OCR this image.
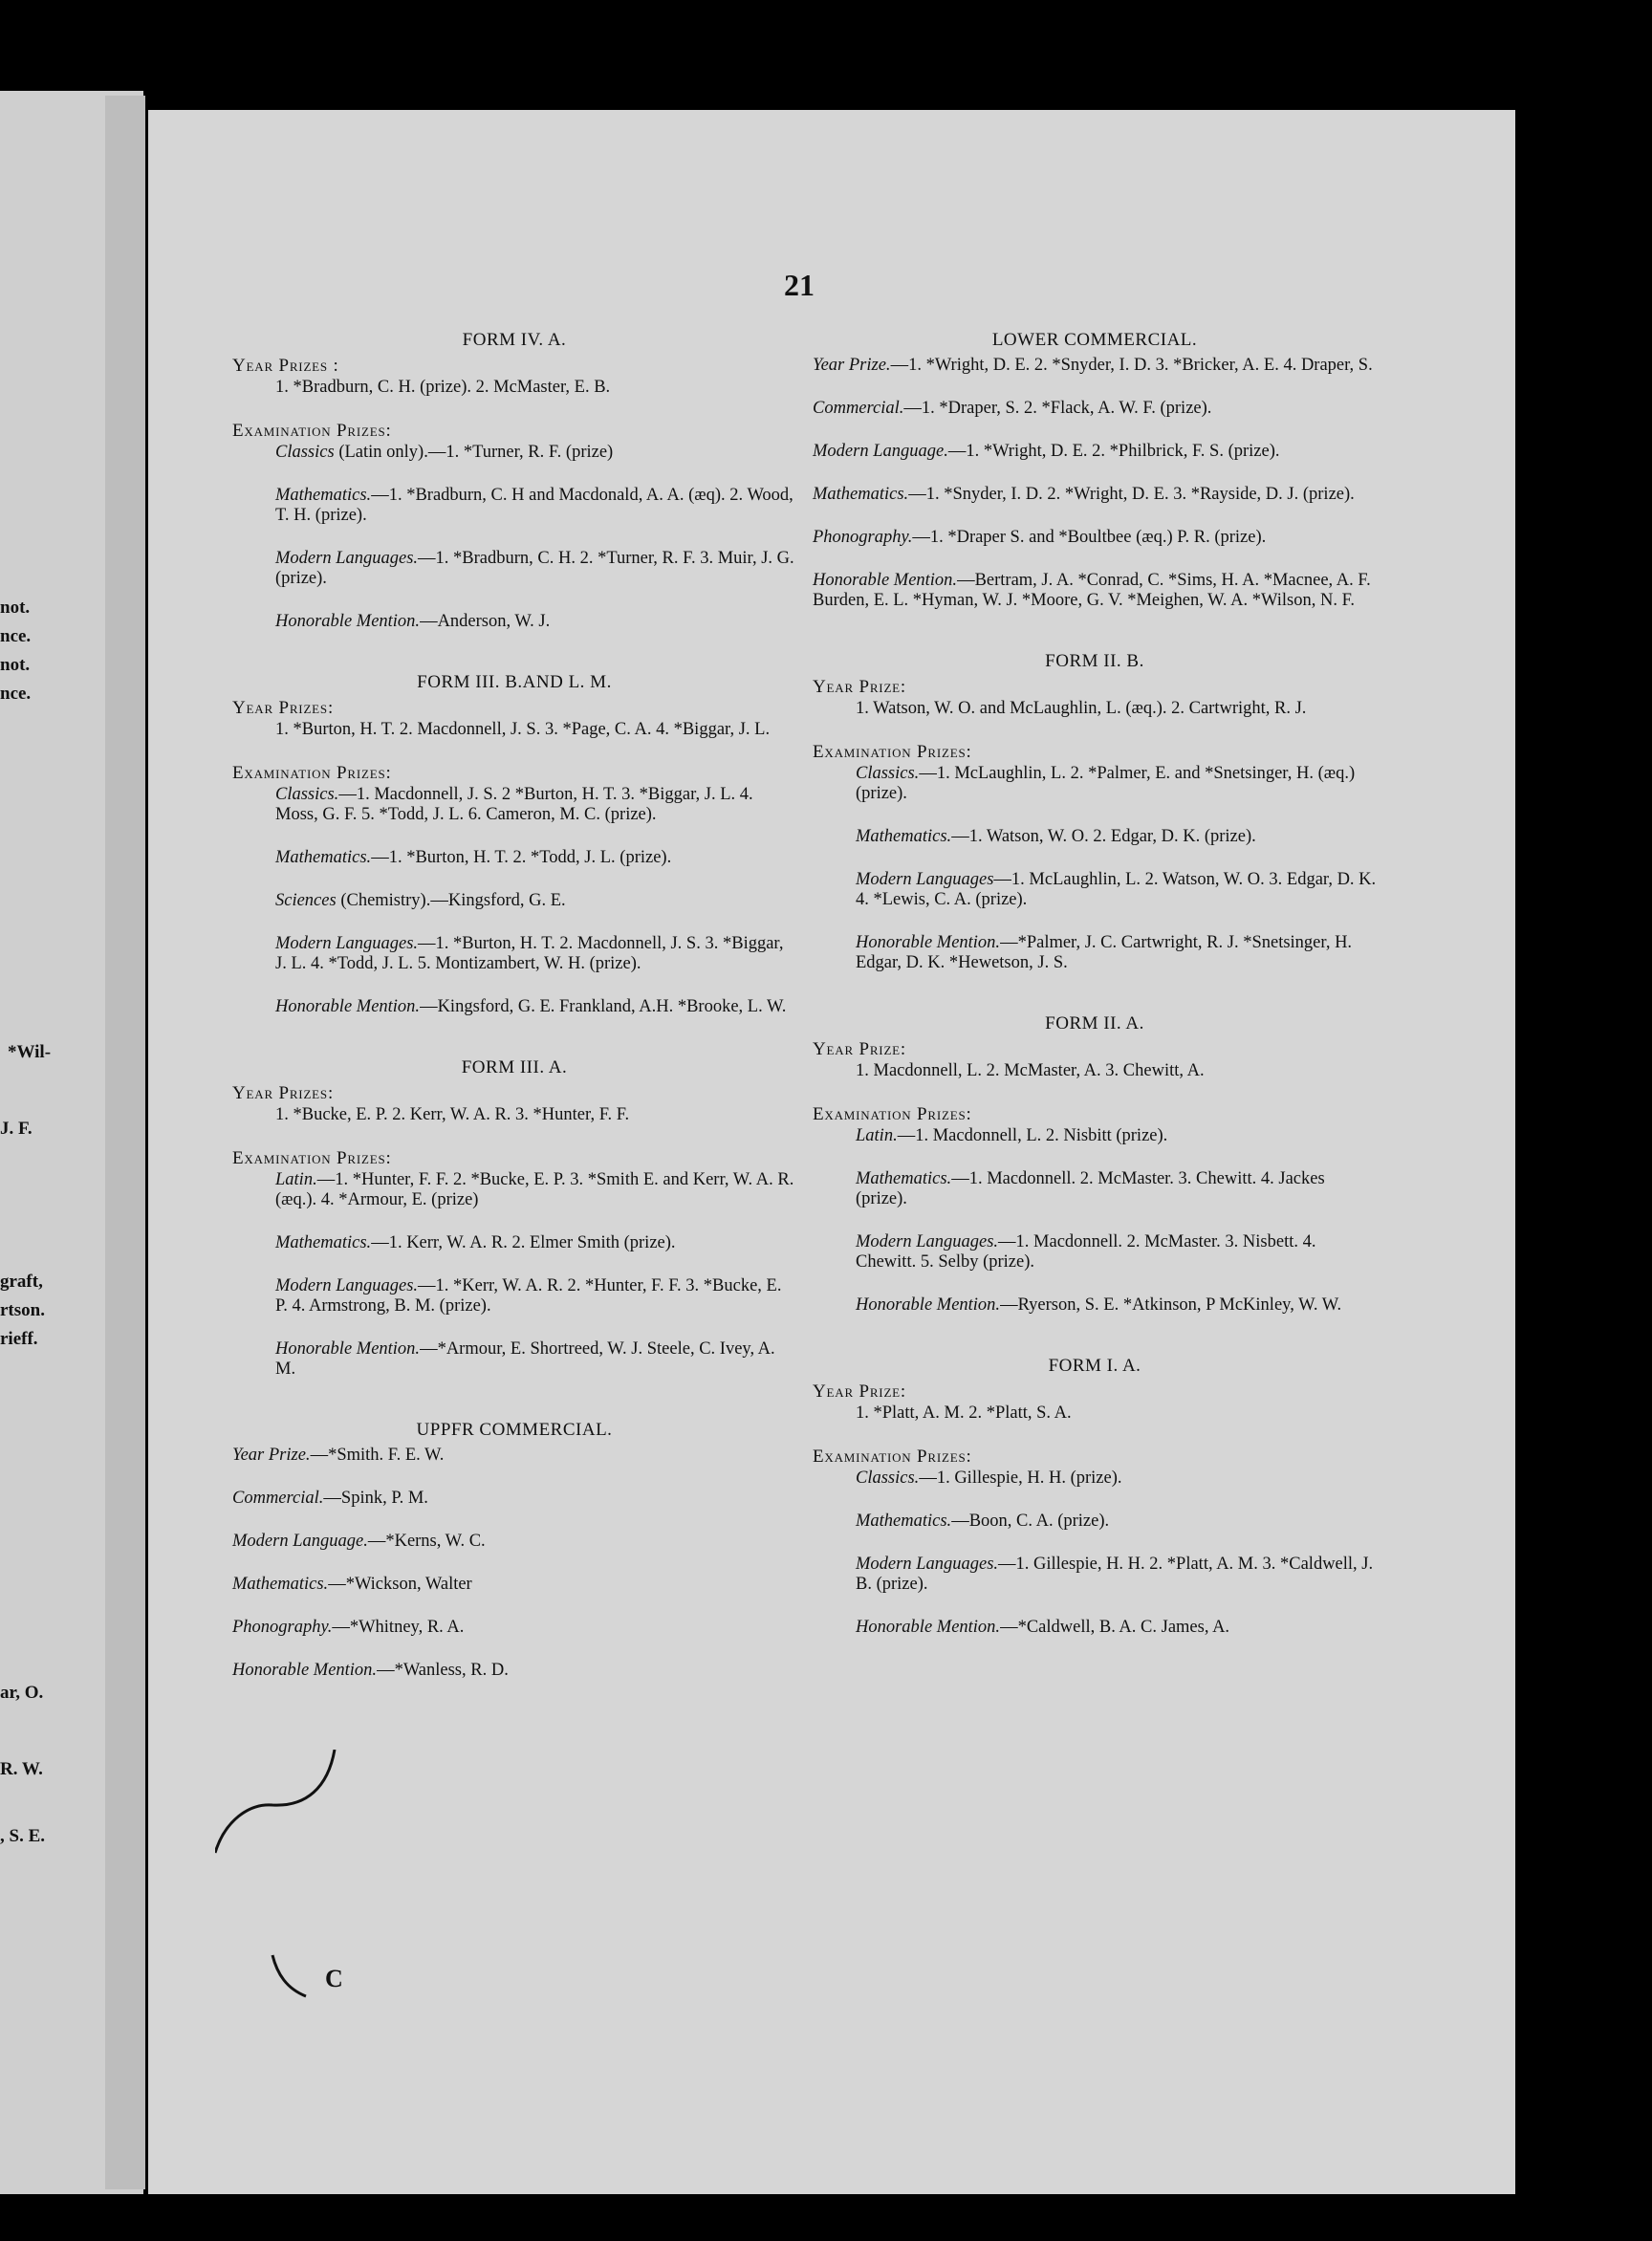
not.
nce.
not.
nce.
*Wil-
J. F.
graft,
rtson.
rieff.
ar, O.
R. W.
, S. E.
21
FORM IV. A.
Year Prizes :
1. *Bradburn, C. H. (prize). 2. McMaster, E. B.
Examination Prizes:
Classics (Latin only).—1. *Turner, R. F. (prize)
Mathematics.—1. *Bradburn, C. H and Macdonald, A. A. (æq). 2. Wood, T. H. (prize).
Modern Languages.—1. *Bradburn, C. H. 2. *Turner, R. F. 3. Muir, J. G. (prize).
Honorable Mention.—Anderson, W. J.
FORM III. B.AND L. M.
Year Prizes:
1. *Burton, H. T. 2. Macdonnell, J. S. 3. *Page, C. A. 4. *Biggar, J. L.
Examination Prizes:
Classics.—1. Macdonnell, J. S. 2 *Burton, H. T. 3. *Biggar, J. L. 4. Moss, G. F. 5. *Todd, J. L. 6. Cameron, M. C. (prize).
Mathematics.—1. *Burton, H. T. 2. *Todd, J. L. (prize).
Sciences (Chemistry).—Kingsford, G. E.
Modern Languages.—1. *Burton, H. T. 2. Macdonnell, J. S. 3. *Biggar, J. L. 4. *Todd, J. L. 5. Montizambert, W. H. (prize).
Honorable Mention.—Kingsford, G. E. Frankland, A.H. *Brooke, L. W.
FORM III. A.
Year Prizes:
1. *Bucke, E. P. 2. Kerr, W. A. R. 3. *Hunter, F. F.
Examination Prizes:
Latin.—1. *Hunter, F. F. 2. *Bucke, E. P. 3. *Smith E. and Kerr, W. A. R. (æq.). 4. *Armour, E. (prize)
Mathematics.—1. Kerr, W. A. R. 2. Elmer Smith (prize).
Modern Languages.—1. *Kerr, W. A. R. 2. *Hunter, F. F. 3. *Bucke, E. P. 4. Armstrong, B. M. (prize).
Honorable Mention.—*Armour, E. Shortreed, W. J. Steele, C. Ivey, A. M.
UPPFR COMMERCIAL.
Year Prize.—*Smith. F. E. W.
Commercial.—Spink, P. M.
Modern Language.—*Kerns, W. C.
Mathematics.—*Wickson, Walter
Phonography.—*Whitney, R. A.
Honorable Mention.—*Wanless, R. D.
LOWER COMMERCIAL.
Year Prize.—1. *Wright, D. E. 2. *Snyder, I. D. 3. *Bricker, A. E. 4. Draper, S.
Commercial.—1. *Draper, S. 2. *Flack, A. W. F. (prize).
Modern Language.—1. *Wright, D. E. 2. *Philbrick, F. S. (prize).
Mathematics.—1. *Snyder, I. D. 2. *Wright, D. E. 3. *Rayside, D. J. (prize).
Phonography.—1. *Draper S. and *Boultbee (æq.) P. R. (prize).
Honorable Mention.—Bertram, J. A. *Conrad, C. *Sims, H. A. *Macnee, A. F. Burden, E. L. *Hyman, W. J. *Moore, G. V. *Meighen, W. A. *Wilson, N. F.
FORM II. B.
Year Prize:
1. Watson, W. O. and McLaughlin, L. (æq.). 2. Cartwright, R. J.
Examination Prizes:
Classics.—1. McLaughlin, L. 2. *Palmer, E. and *Snetsinger, H. (æq.) (prize).
Mathematics.—1. Watson, W. O. 2. Edgar, D. K. (prize).
Modern Languages—1. McLaughlin, L. 2. Watson, W. O. 3. Edgar, D. K. 4. *Lewis, C. A. (prize).
Honorable Mention.—*Palmer, J. C. Cartwright, R. J. *Snetsinger, H. Edgar, D. K. *Hewetson, J. S.
FORM II. A.
Year Prize:
1. Macdonnell, L. 2. McMaster, A. 3. Chewitt, A.
Examination Prizes:
Latin.—1. Macdonnell, L. 2. Nisbitt (prize).
Mathematics.—1. Macdonnell. 2. McMaster. 3. Chewitt. 4. Jackes (prize).
Modern Languages.—1. Macdonnell. 2. McMaster. 3. Nisbett. 4. Chewitt. 5. Selby (prize).
Honorable Mention.—Ryerson, S. E. *Atkinson, P McKinley, W. W.
FORM I. A.
Year Prize:
1. *Platt, A. M. 2. *Platt, S. A.
Examination Prizes:
Classics.—1. Gillespie, H. H. (prize).
Mathematics.—Boon, C. A. (prize).
Modern Languages.—1. Gillespie, H. H. 2. *Platt, A. M. 3. *Caldwell, J. B. (prize).
Honorable Mention.—*Caldwell, B. A. C. James, A.
C
